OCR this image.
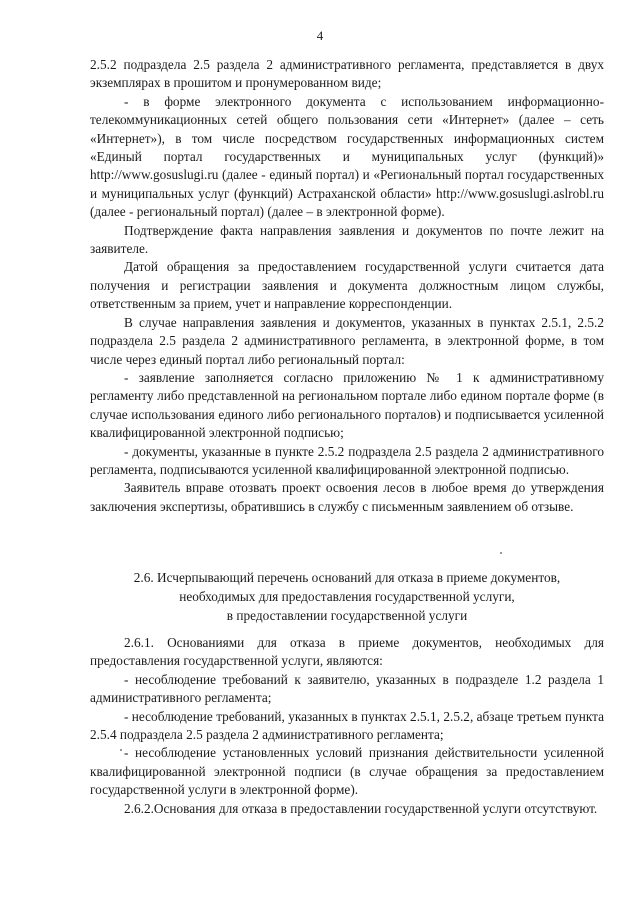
4

2.5.2 подраздела 2.5 раздела 2 административного регламента, представляется в двух экземплярах в прошитом и пронумерованном виде;

- в форме электронного документа с использованием информационно-телекоммуникационных сетей общего пользования сети «Интернет» (далее – сеть «Интернет»), в том числе посредством государственных информационных систем «Единый портал государственных и муниципальных услуг (функций)» http://www.gosuslugi.ru (далее - единый портал) и «Региональный портал государственных и муниципальных услуг (функций) Астраханской области» http://www.gosuslugi.aslrobl.ru (далее - региональный портал) (далее – в электронной форме).

Подтверждение факта направления заявления и документов по почте лежит на заявителе.

Датой обращения за предоставлением государственной услуги считается дата получения и регистрации заявления и документа должностным лицом службы, ответственным за прием, учет и направление корреспонденции.

В случае направления заявления и документов, указанных в пунктах 2.5.1, 2.5.2 подраздела 2.5 раздела 2 административного регламента, в электронной форме, в том числе через единый портал либо региональный портал:

- заявление заполняется согласно приложению № 1 к административному регламенту либо представленной на региональном портале либо едином портале форме (в случае использования единого либо регионального порталов) и подписывается усиленной квалифицированной электронной подписью;

- документы, указанные в пункте 2.5.2 подраздела 2.5 раздела 2 административного регламента, подписываются усиленной квалифицированной электронной подписью.

Заявитель вправе отозвать проект освоения лесов в любое время до утверждения заключения экспертизы, обратившись в службу с письменным заявлением об отзыве.

2.6. Исчерпывающий перечень оснований для отказа в приеме документов,
необходимых для предоставления государственной услуги,
в предоставлении государственной услуги

2.6.1. Основаниями для отказа в приеме документов, необходимых для предоставления государственной услуги, являются:

- несоблюдение требований к заявителю, указанных в подразделе 1.2 раздела 1 административного регламента;

- несоблюдение требований, указанных в пунктах 2.5.1, 2.5.2, абзаце третьем пункта 2.5.4 подраздела 2.5 раздела 2 административного регламента;

- несоблюдение установленных условий признания действительности усиленной квалифицированной электронной подписи (в случае обращения за предоставлением государственной услуги в электронной форме).

2.6.2.Основания для отказа в предоставлении государственной услуги отсутствуют.
